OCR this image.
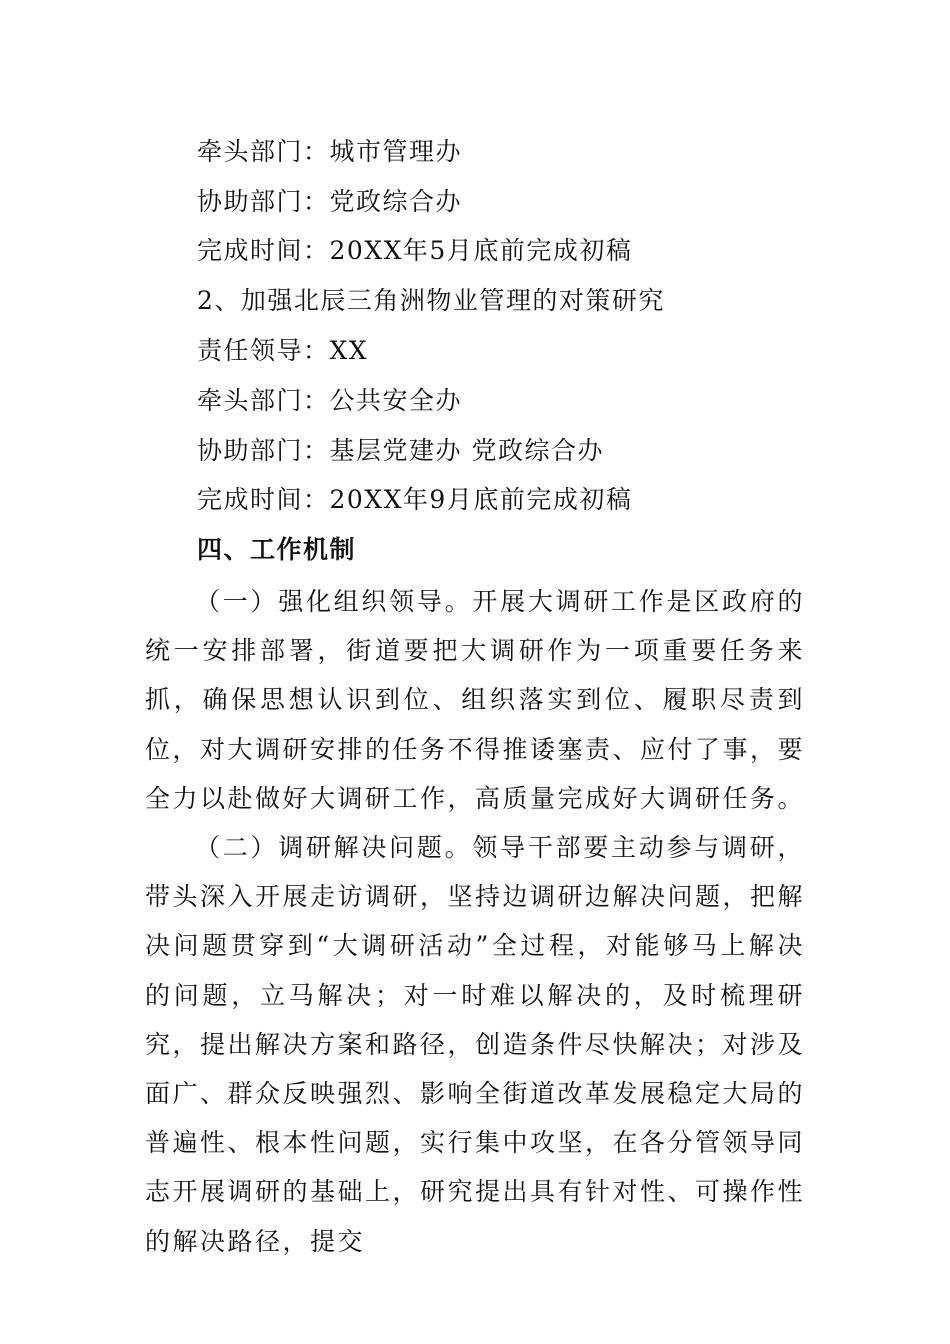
牵头部门：城市管理办
协助部门：党政综合办
完成时间：20XX年5月底前完成初稿
2、加强北辰三角洲物业管理的对策研究
责任领导：XX
牵头部门：公共安全办
协助部门：基层党建办 党政综合办
完成时间：20XX年9月底前完成初稿
四、工作机制

（一）强化组织领导。开展大调研工作是区政府的统一安排部署，街道要把大调研作为一项重要任务来抓，确保思想认识到位、组织落实到位、履职尽责到位，对大调研安排的任务不得推诿塞责、应付了事，要全力以赴做好大调研工作，高质量完成好大调研任务。

（二）调研解决问题。领导干部要主动参与调研，带头深入开展走访调研，坚持边调研边解决问题，把解决问题贯穿到“大调研活动”全过程，对能够马上解决的问题，立马解决；对一时难以解决的，及时梳理研究，提出解决方案和路径，创造条件尽快解决；对涉及面广、群众反映强烈、影响全街道改革发展稳定大局的普遍性、根本性问题，实行集中攻坚，在各分管领导同志开展调研的基础上，研究提出具有针对性、可操作性的解决路径，提交
